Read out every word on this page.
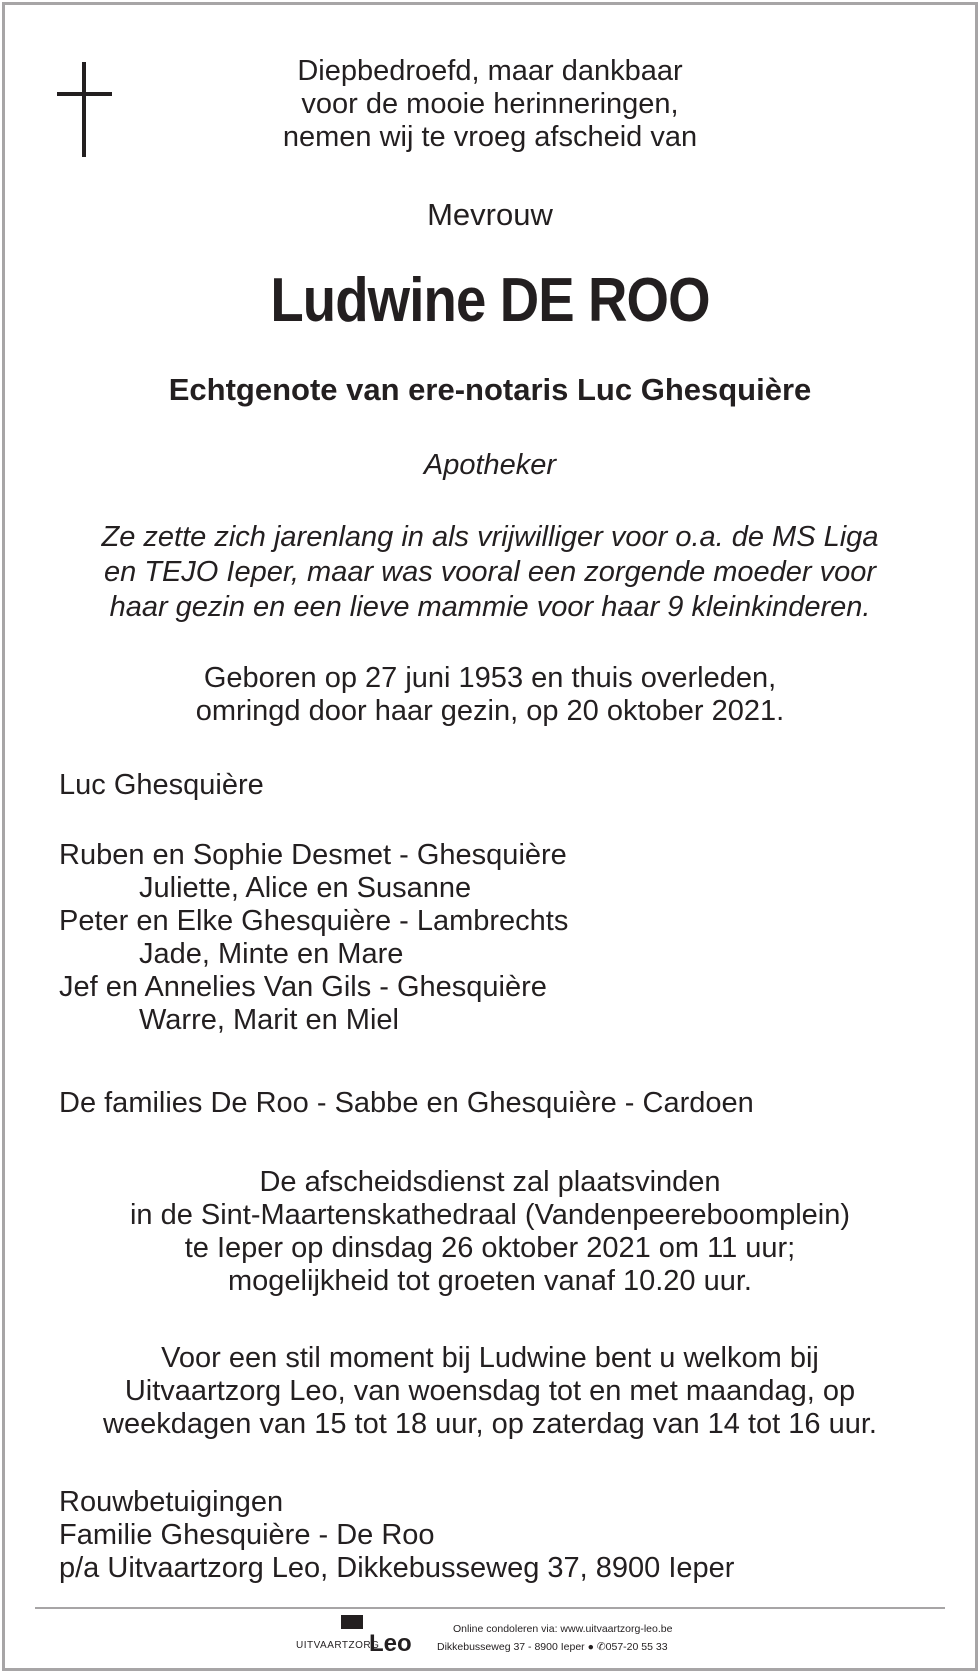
Diepbedroefd, maar dankbaar
voor de mooie herinneringen,
nemen wij te vroeg afscheid van
Mevrouw
Ludwine DE ROO
Echtgenote van ere-notaris Luc Ghesquière
Apotheker
Ze zette zich jarenlang in als vrijwilliger voor o.a. de MS Liga
en TEJO Ieper, maar was vooral een zorgende moeder voor
haar gezin en een lieve mammie voor haar 9 kleinkinderen.
Geboren op 27 juni 1953 en thuis overleden,
omringd door haar gezin, op 20 oktober 2021.
Luc Ghesquière
Ruben en Sophie Desmet - Ghesquière
Juliette, Alice en Susanne
Peter en Elke Ghesquière - Lambrechts
Jade, Minte en Mare
Jef en Annelies Van Gils - Ghesquière
Warre, Marit en Miel
De families De Roo - Sabbe en Ghesquière - Cardoen
De afscheidsdienst zal plaatsvinden
in de Sint-Maartenskathedraal (Vandenpeereboomplein)
te Ieper op dinsdag 26 oktober 2021 om 11 uur;
mogelijkheid tot groeten vanaf 10.20 uur.
Voor een stil moment bij Ludwine bent u welkom bij
Uitvaartzorg Leo, van woensdag tot en met maandag, op
weekdagen van 15 tot 18 uur, op zaterdag van 14 tot 16 uur.
Rouwbetuigingen
Familie Ghesquière - De Roo
p/a Uitvaartzorg Leo, Dikkebusseweg 37, 8900 Ieper
UITVAARTZORG
Leo
Online condoleren via: www.uitvaartzorg-leo.be
Dikkebusseweg 37 - 8900 Ieper ● ✆057-20 55 33
